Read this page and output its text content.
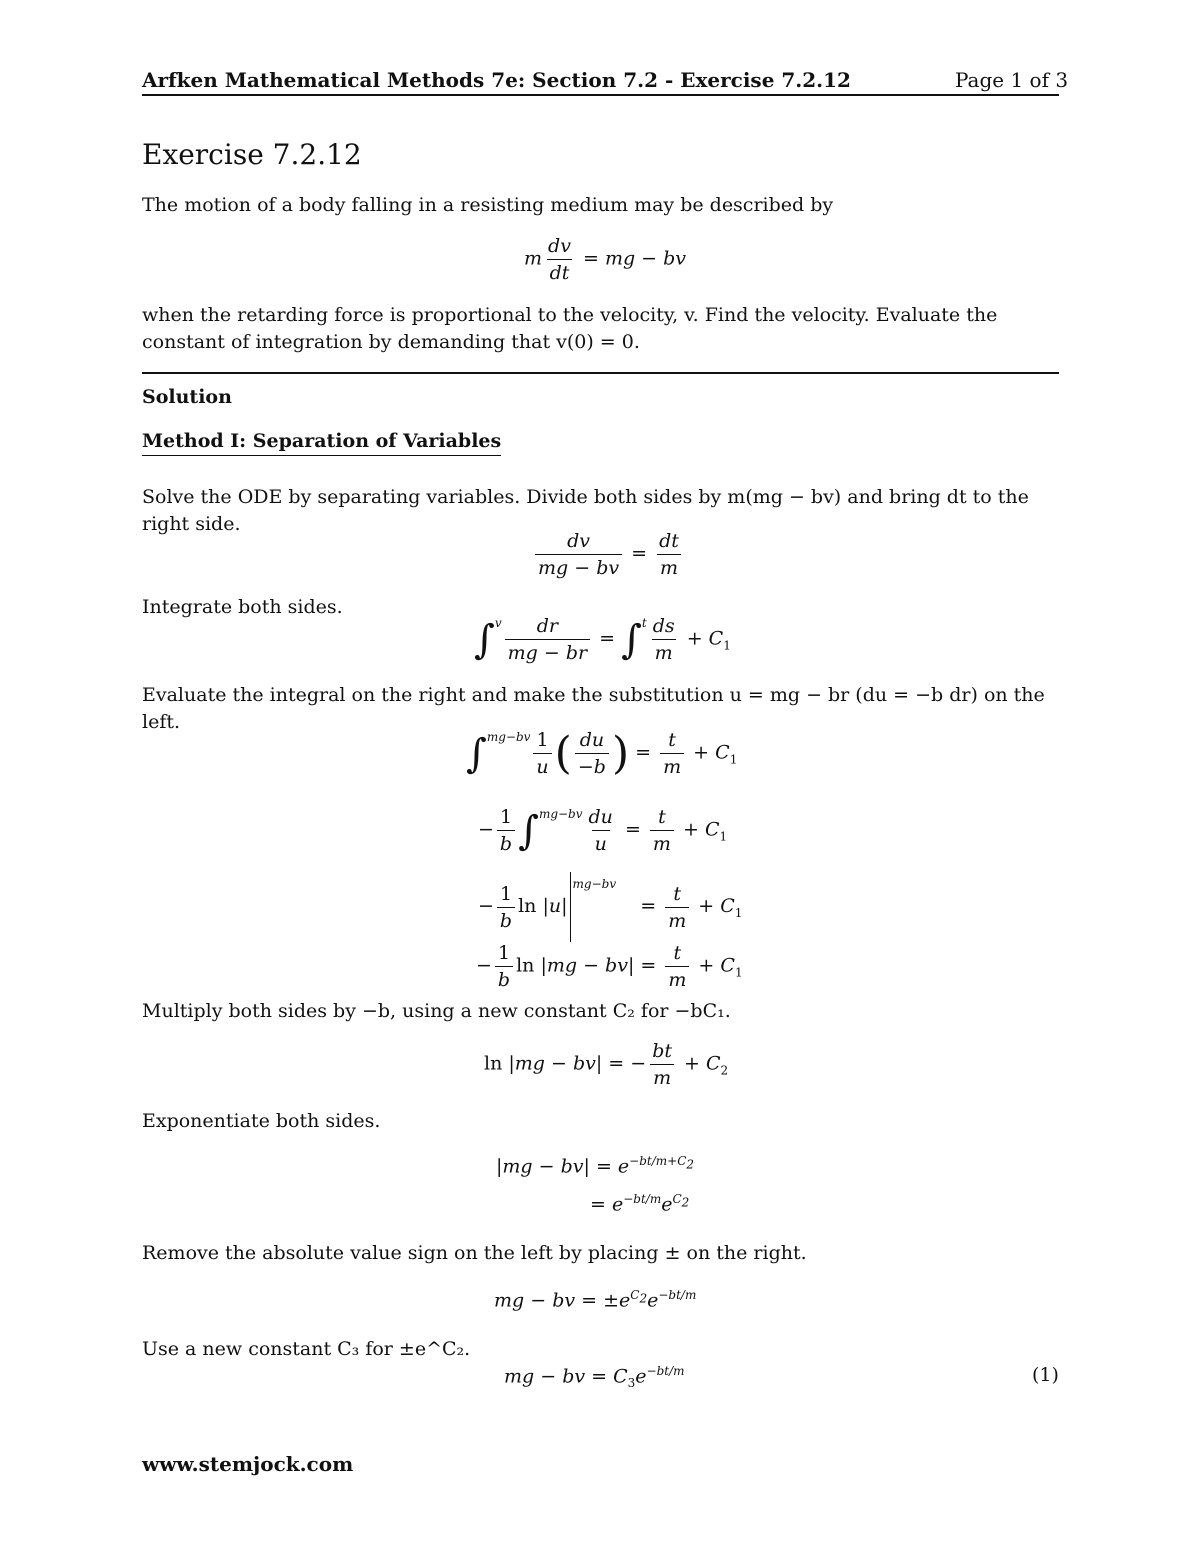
Arfken Mathematical Methods 7e: Section 7.2 - Exercise 7.2.12	Page 1 of 3
Exercise 7.2.12

The motion of a body falling in a resisting medium may be described by

m $\frac{dv}{dt}$ = mg − bv

when the retarding force is proportional to the velocity, v. Find the velocity. Evaluate the constant of integration by demanding that v(0) = 0.

Solution
Method I: Separation of Variables

Solve the ODE by separating variables. Divide both sides by m(mg − bv) and bring dt to the right side.

$\frac{dv}{mg - bv} = \frac{dt}{m}$

Integrate both sides.

$\int^v \frac{dr}{mg - br} = \int^t \frac{ds}{m} + C_1$

Evaluate the integral on the right and make the substitution u = mg − br (du = −b dr) on the left.

$\int^{mg-bv} \frac{1}{u}$ ( $\frac{du}{-b}$ ) = $\frac{t}{m} + C_1$
− $\frac{1}{b} \int^{mg-bv} \frac{du}{u} = \frac{t}{m} + C_1$
− $\frac{1}{b}$ $\ln |u|^{mg-bv}$    = $\frac{t}{m} + C_1$
− $\frac{1}{b}$ $\ln |mg - bv| = \frac{t}{m} + C_1$

Multiply both sides by −b, using a new constant C₂ for −bC₁.

ln |mg − bv| = − $\frac{bt}{m} + C_2$

Exponentiate both sides.

$|mg - bv| = e^{-bt/m+C_2}$
= $e^{-bt/m}e^{C_2}$

Remove the absolute value sign on the left by placing ± on the right.

mg − bv = $\pm e^{C_2}e^{-bt/m}$

Use a new constant C₃ for ±e^C₂.

mg − bv = $C_3e^{-bt/m}$	(1)
www.stemjock.com
